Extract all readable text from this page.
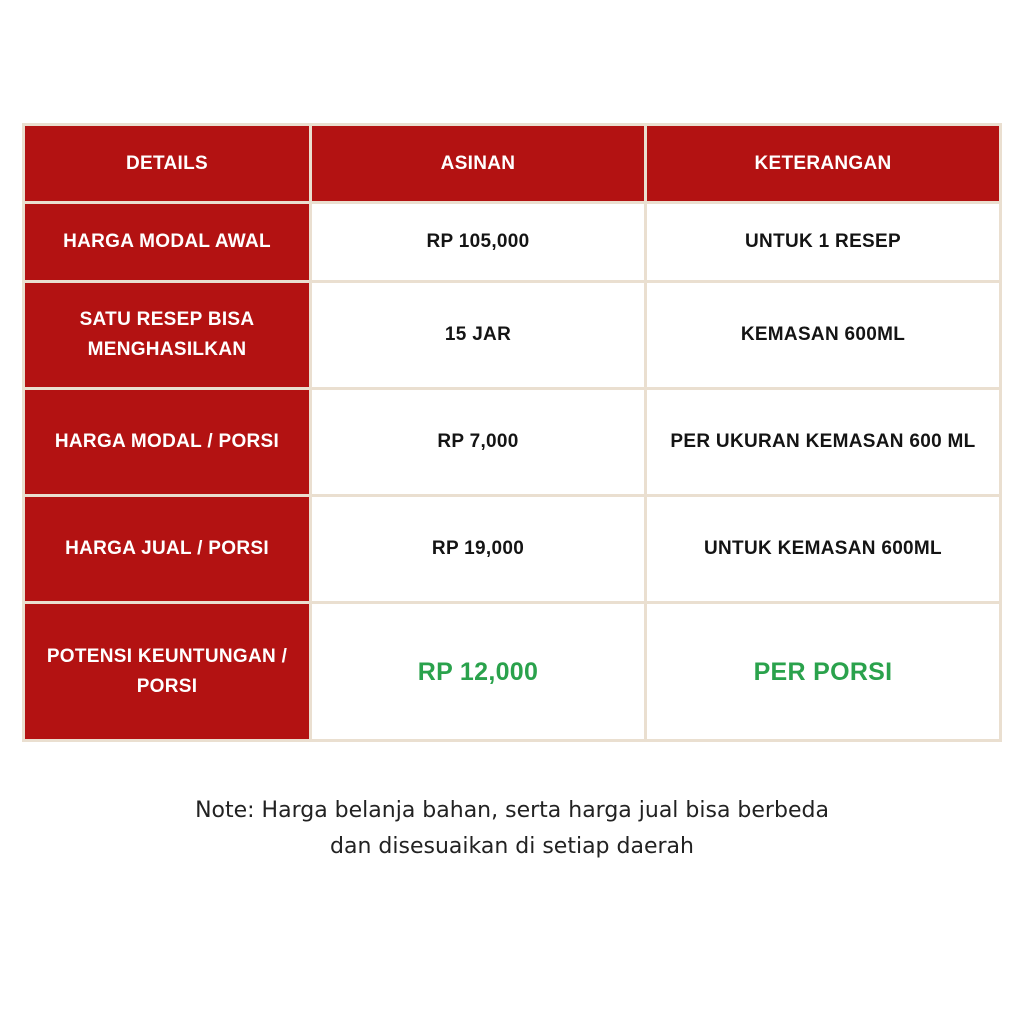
DETAILS	ASINAN	KETERANGAN
HARGA MODAL AWAL	RP 105,000	UNTUK 1 RESEP
SATU RESEP BISA MENGHASILKAN	15 JAR	KEMASAN 600ML
HARGA MODAL / PORSI	RP 7,000	PER UKURAN KEMASAN 600 ML
HARGA JUAL / PORSI	RP 19,000	UNTUK KEMASAN 600ML
POTENSI KEUNTUNGAN / PORSI	RP 12,000	PER PORSI
Note: Harga belanja bahan, serta harga jual bisa berbeda
dan disesuaikan di setiap daerah
